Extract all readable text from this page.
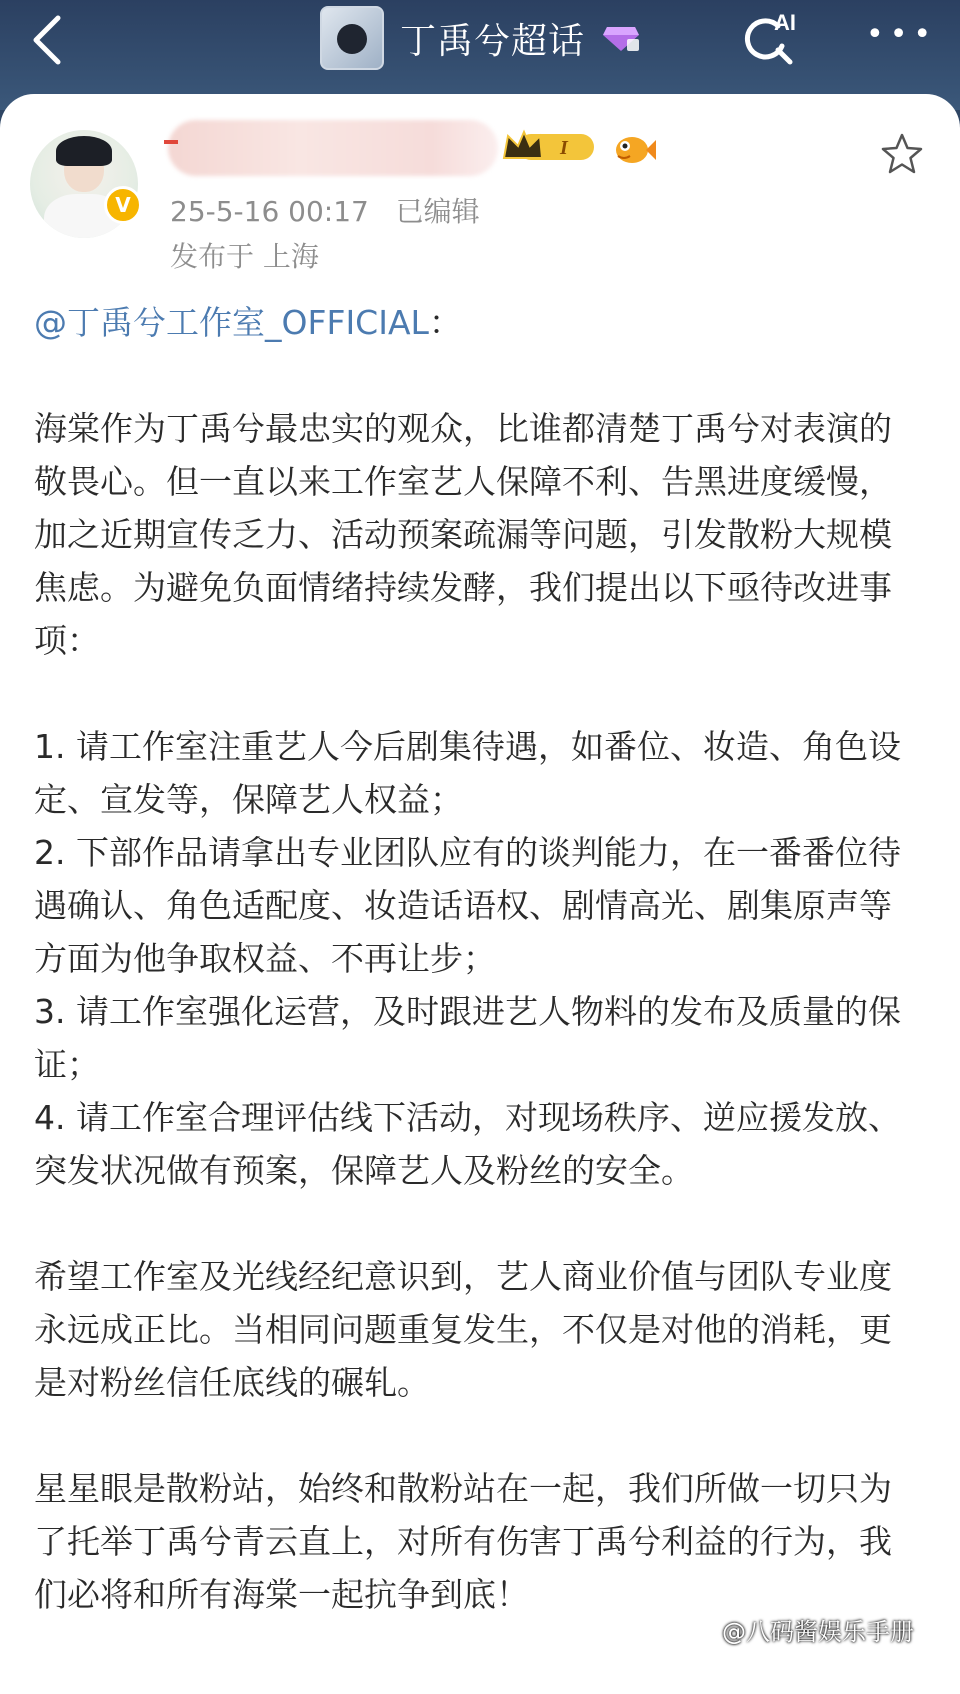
丁禹兮超话	AI •••
V
I
25-5-16 00:17 已编辑
发布于 上海

@丁禹兮工作室_OFFICIAL：

海棠作为丁禹兮最忠实的观众，比谁都清楚丁禹兮对表演的敬畏心。但一直以来工作室艺人保障不利、告黑进度缓慢，加之近期宣传乏力、活动预案疏漏等问题，引发散粉大规模焦虑。为避免负面情绪持续发酵，我们提出以下亟待改进事项：

1. 请工作室注重艺人今后剧集待遇，如番位、妆造、角色设定、宣发等，保障艺人权益；

2. 下部作品请拿出专业团队应有的谈判能力，在一番番位待遇确认、角色适配度、妆造话语权、剧情高光、剧集原声等方面为他争取权益、不再让步；

3. 请工作室强化运营，及时跟进艺人物料的发布及质量的保证；

4. 请工作室合理评估线下活动，对现场秩序、逆应援发放、突发状况做有预案，保障艺人及粉丝的安全。

希望工作室及光线经纪意识到，艺人商业价值与团队专业度永远成正比。当相同问题重复发生，不仅是对他的消耗，更是对粉丝信任底线的碾轧。

星星眼是散粉站，始终和散粉站在一起，我们所做一切只为了托举丁禹兮青云直上，对所有伤害丁禹兮利益的行为，我们必将和所有海棠一起抗争到底！

@八码酱娱乐手册
